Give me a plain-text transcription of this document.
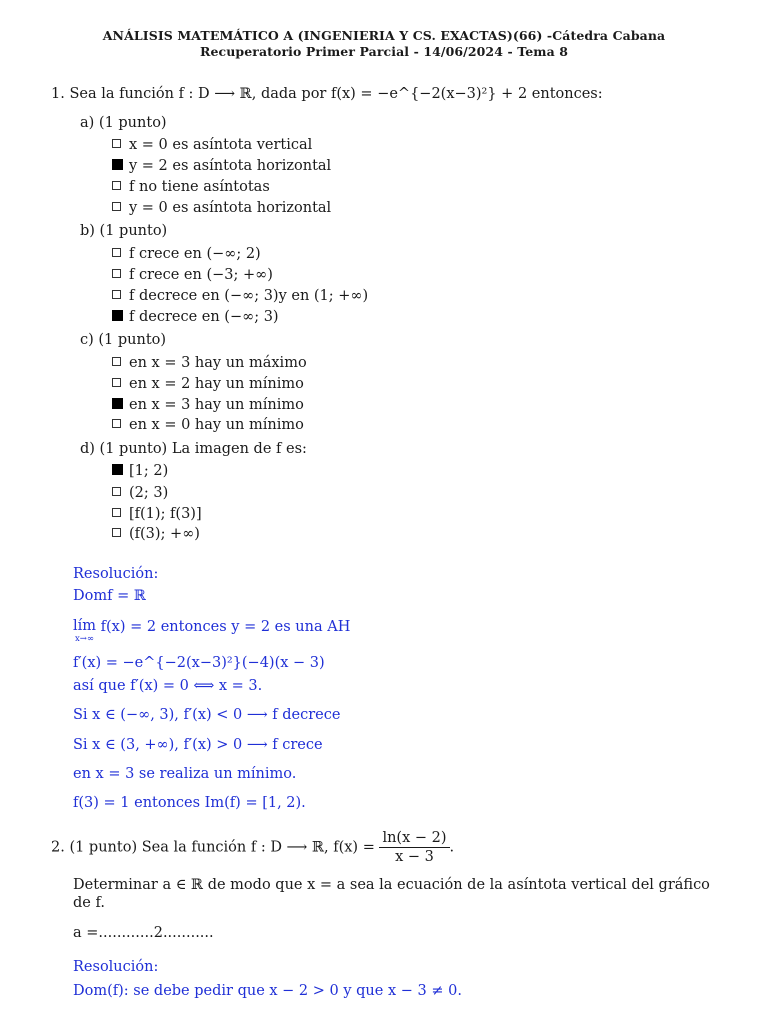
ANÁLISIS MATEMÁTICO A (INGENIERIA Y CS. EXACTAS)(66) -Cátedra Cabana
Recuperatorio Primer Parcial - 14/06/2024 - Tema 8
1. Sea la función f : D ⟶ ℝ, dada por f(x) = −e^{−2(x−3)²} + 2 entonces:
a) (1 punto)
x = 0 es asíntota vertical
y = 2 es asíntota horizontal
f no tiene asíntotas
y = 0 es asíntota horizontal
b) (1 punto)
f crece en (−∞; 2)
f crece en (−3; +∞)
f decrece en (−∞; 3)y en (1; +∞)
f decrece en (−∞; 3)
c) (1 punto)
en x = 3 hay un máximo
en x = 2 hay un mínimo
en x = 3 hay un mínimo
en x = 0 hay un mínimo
d) (1 punto) La imagen de f es:
[1; 2)
(2; 3)
[f(1); f(3)]
(f(3); +∞)
Resolución:
Domf = ℝ
lím
x→∞
f(x) = 2 entonces y = 2 es una AH
f′(x) = −e^{−2(x−3)²}(−4)(x − 3)
así que f′(x) = 0 ⟺ x = 3.
Si x ∈ (−∞, 3), f′(x) < 0 ⟶ f decrece
Si x ∈ (3, +∞), f′(x) > 0 ⟶ f crece
en x = 3 se realiza un mínimo.
f(3) = 1 entonces Im(f) = [1, 2).
2. (1 punto) Sea la función f : D ⟶ ℝ, $f(x) = \frac{\ln(x - 2)}{x - 3}$ .
Determinar a ∈ ℝ de modo que x = a sea la ecuación de la asíntota vertical del gráfico
de f.
a =............2...........
Resolución:
Dom(f): se debe pedir que x − 2 > 0 y que x − 3 ≠ 0.
